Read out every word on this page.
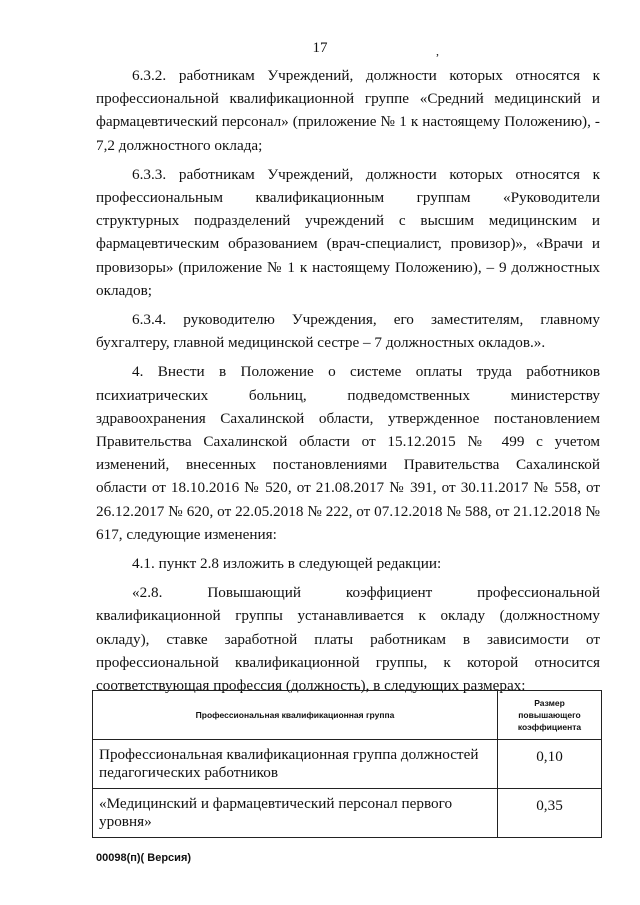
17	,

6.3.2. работникам Учреждений, должности которых относятся к профессиональной квалификационной группе «Средний медицинский и фармацевтический персонал» (приложение № 1 к настоящему Положению), - 7,2 должностного оклада;

6.3.3. работникам Учреждений, должности которых относятся к профессиональным квалификационным группам «Руководители структурных подразделений учреждений с высшим медицинским и фармацевтическим образованием (врач-специалист, провизор)», «Врачи и провизоры» (приложение № 1 к настоящему Положению), – 9 должностных окладов;

6.3.4. руководителю Учреждения, его заместителям, главному бухгалтеру, главной медицинской сестре – 7 должностных окладов.».

4. Внести в Положение о системе оплаты труда работников психиатрических больниц, подведомственных министерству здравоохранения Сахалинской области, утвержденное постановлением Правительства Сахалинской области от 15.12.2015 № 499 с учетом изменений, внесенных постановлениями Правительства Сахалинской области от 18.10.2016 № 520, от 21.08.2017 № 391, от 30.11.2017 № 558, от 26.12.2017 № 620, от 22.05.2018 № 222, от 07.12.2018 № 588, от 21.12.2018 № 617, следующие изменения:

4.1. пункт 2.8 изложить в следующей редакции:

«2.8. Повышающий коэффициент профессиональной квалификационной группы устанавливается к окладу (должностному окладу), ставке заработной платы работникам в зависимости от профессиональной квалификационной группы, к которой относится соответствующая профессия (должность), в следующих размерах:

Профессиональная квалификационная группа	Размер повышающего коэффициента
Профессиональная квалификационная группа должностей педагогических работников	0,10
«Медицинский и фармацевтический персонал первого уровня»	0,35
00098(п)( Версия)
